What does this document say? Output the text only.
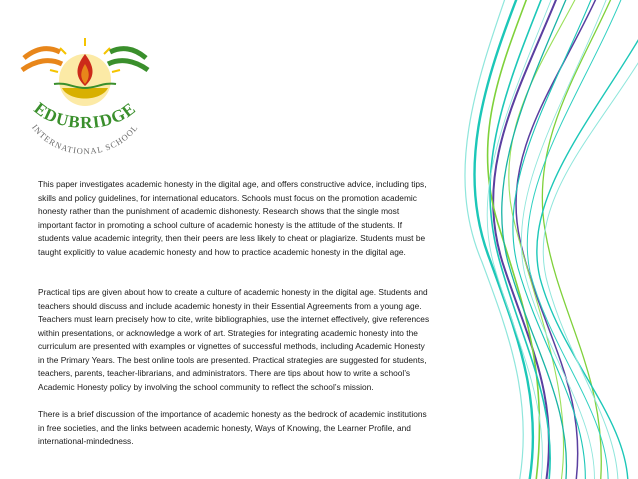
EDUBRIDGE
INTERNATIONAL SCHOOL

This paper investigates academic honesty in the digital age, and offers constructive advice, including tips,
skills and policy guidelines, for international educators. Schools must focus on the promotion academic
honesty rather than the punishment of academic dishonesty. Research shows that the single most
important factor in promoting a school culture of academic honesty is the attitude of the students. If
students value academic integrity, then their peers are less likely to cheat or plagiarize. Students must be
taught explicitly to value academic honesty and how to practice academic honesty in the digital age.

Practical tips are given about how to create a culture of academic honesty in the digital age. Students and
teachers should discuss and include academic honesty in their Essential Agreements from a young age.
Teachers must learn precisely how to cite, write bibliographies, use the internet effectively, give references
within presentations, or acknowledge a work of art. Strategies for integrating academic honesty into the
curriculum are presented with examples or vignettes of successful methods, including Academic Honesty
in the Primary Years. The best online tools are presented. Practical strategies are suggested for students,
teachers, parents, teacher-librarians, and administrators. There are tips about how to write a school’s
Academic Honesty policy by involving the school community to reflect the school’s mission.

There is a brief discussion of the importance of academic honesty as the bedrock of academic institutions
in free societies, and the links between academic honesty, Ways of Knowing, the Learner Profile, and
international-mindedness.
